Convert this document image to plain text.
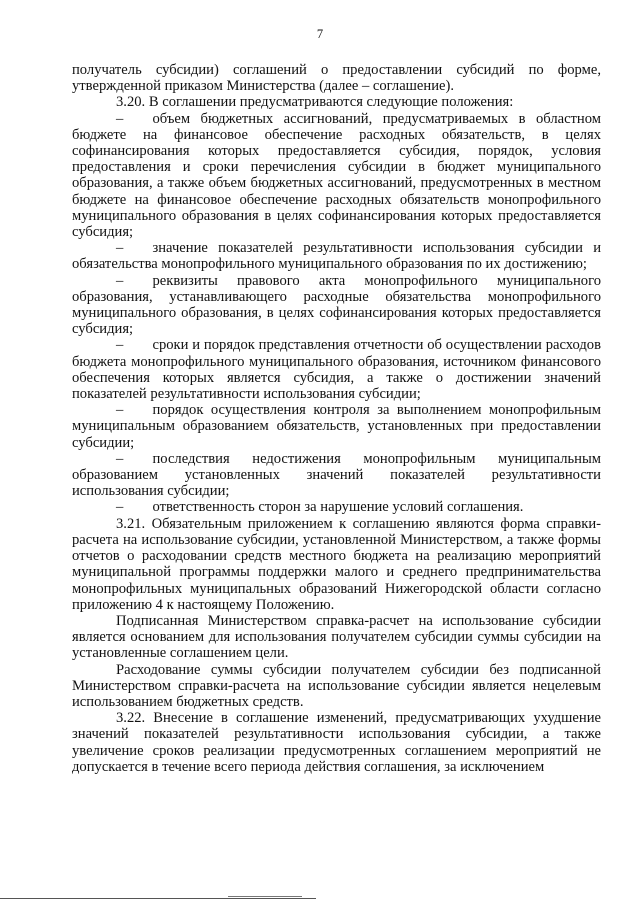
7

получатель субсидии) соглашений о предоставлении субсидий по форме, утвержденной приказом Министерства (далее – соглашение).

3.20. В соглашении предусматриваются следующие положения:

–  объем бюджетных ассигнований, предусматриваемых в областном бюджете на финансовое обеспечение расходных обязательств, в целях софинансирования которых предоставляется субсидия, порядок, условия предоставления и сроки перечисления субсидии в бюджет муниципального образования, а также объем бюджетных ассигнований, предусмотренных в местном бюджете на финансовое обеспечение расходных обязательств монопрофильного муниципального образования в целях софинансирования которых предоставляется субсидия;

–  значение показателей результативности использования субсидии и обязательства монопрофильного муниципального образования по их достижению;

–  реквизиты правового акта монопрофильного муниципального образования, устанавливающего расходные обязательства монопрофильного муниципального образования, в целях софинансирования которых предоставляется субсидия;

–  сроки и порядок представления отчетности об осуществлении расходов бюджета монопрофильного муниципального образования, источником финансового обеспечения которых является субсидия, а также о достижении значений показателей результативности использования субсидии;

–  порядок осуществления контроля за выполнением монопрофильным муниципальным образованием обязательств, установленных при предоставлении субсидии;

–  последствия недостижения монопрофильным муниципальным образованием установленных значений показателей результативности использования субсидии;

–  ответственность сторон за нарушение условий соглашения.

3.21. Обязательным приложением к соглашению являются форма справки-расчета на использование субсидии, установленной Министерством, а также формы отчетов о расходовании средств местного бюджета на реализацию мероприятий муниципальной программы поддержки малого и среднего предпринимательства монопрофильных муниципальных образований Нижегородской области согласно приложению 4 к настоящему Положению.

Подписанная Министерством справка-расчет на использование субсидии является основанием для использования получателем субсидии суммы субсидии на установленные соглашением цели.

Расходование суммы субсидии получателем субсидии без подписанной Министерством справки-расчета на использование субсидии является нецелевым использованием бюджетных средств.

3.22. Внесение в соглашение изменений, предусматривающих ухудшение значений показателей результативности использования субсидии, а также увеличение сроков реализации предусмотренных соглашением мероприятий не допускается в течение всего периода действия соглашения, за исключением
